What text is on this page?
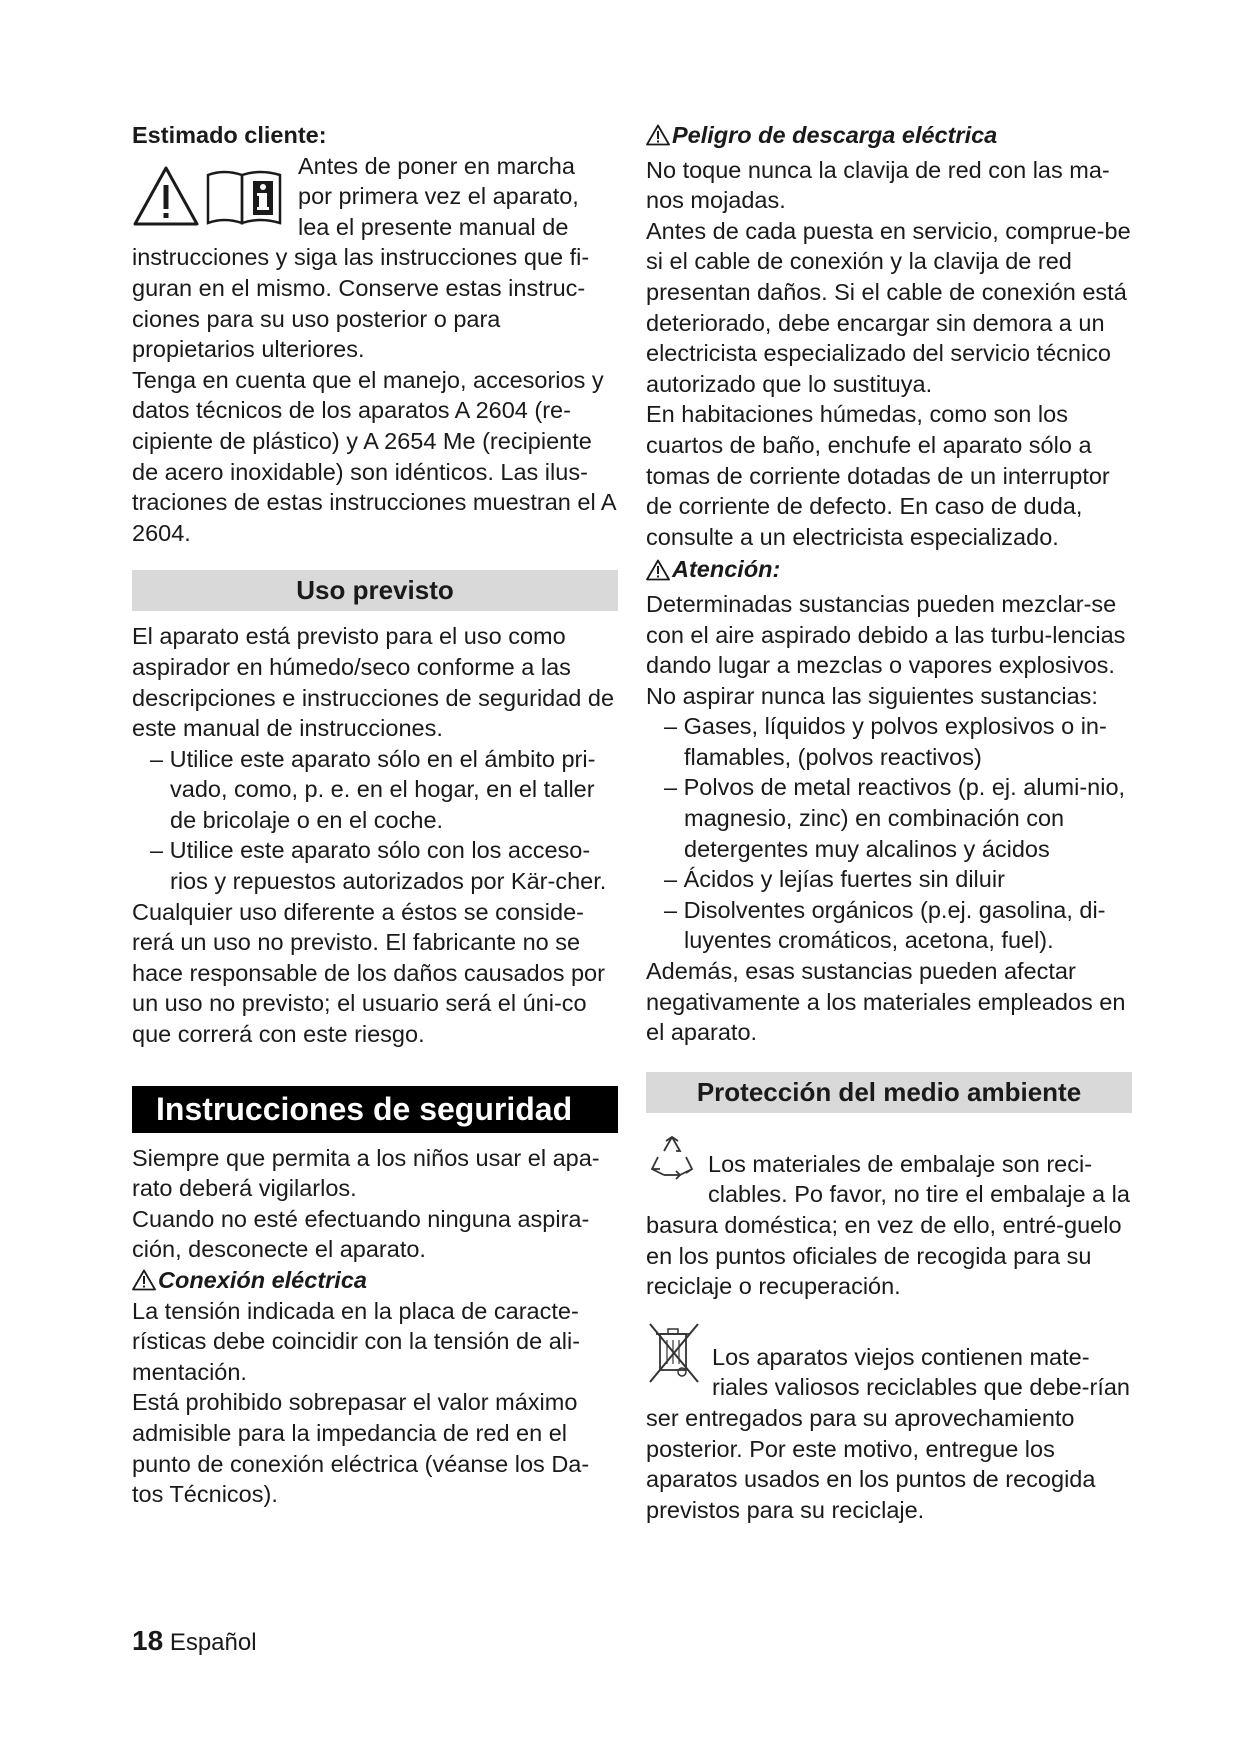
Estimado cliente:

Antes de poner en marcha

por primera vez el aparato,

lea el presente manual de

instrucciones y siga las instrucciones que fi-guran en el mismo. Conserve estas instruc-ciones para su uso posterior o para propietarios ulteriores.

Tenga en cuenta que el manejo, accesorios y datos técnicos de los aparatos A 2604 (re-cipiente de plástico) y A 2654 Me (recipiente de acero inoxidable) son idénticos. Las ilus-traciones de estas instrucciones muestran el A 2604.

Uso previsto

El aparato está previsto para el uso como aspirador en húmedo/seco conforme a las descripciones e instrucciones de seguridad de este manual de instrucciones.

– Utilice este aparato sólo en el ámbito pri-vado, como, p. e. en el hogar, en el taller de bricolaje o en el coche.

– Utilice este aparato sólo con los acceso-rios y repuestos autorizados por Kär-cher.

Cualquier uso diferente a éstos se conside-rerá un uso no previsto. El fabricante no se hace responsable de los daños causados por un uso no previsto; el usuario será el úni-co que correrá con este riesgo.

Instrucciones de seguridad

Siempre que permita a los niños usar el apa-rato deberá vigilarlos.

Cuando no esté efectuando ninguna aspira-ción, desconecte el aparato.

Conexión eléctrica

La tensión indicada en la placa de caracte-rísticas debe coincidir con la tensión de ali-mentación.

Está prohibido sobrepasar el valor máximo admisible para la impedancia de red en el punto de conexión eléctrica (véanse los Da-tos Técnicos).

Peligro de descarga eléctrica

No toque nunca la clavija de red con las ma-nos mojadas.

Antes de cada puesta en servicio, comprue-be si el cable de conexión y la clavija de red presentan daños. Si el cable de conexión está deteriorado, debe encargar sin demora a un electricista especializado del servicio técnico autorizado que lo sustituya.

En habitaciones húmedas, como son los cuartos de baño, enchufe el aparato sólo a tomas de corriente dotadas de un interruptor de corriente de defecto. En caso de duda, consulte a un electricista especializado.

Atención:

Determinadas sustancias pueden mezclar-se con el aire aspirado debido a las turbu-lencias dando lugar a mezclas o vapores explosivos.

No aspirar nunca las siguientes sustancias:

– Gases, líquidos y polvos explosivos o in-flamables, (polvos reactivos)

– Polvos de metal reactivos (p. ej. alumi-nio, magnesio, zinc) en combinación con detergentes muy alcalinos y ácidos

– Ácidos y lejías fuertes sin diluir

– Disolventes orgánicos (p.ej. gasolina, di-luyentes cromáticos, acetona, fuel).

Además, esas sustancias pueden afectar negativamente a los materiales empleados en el aparato.

Protección del medio ambiente

Los materiales de embalaje son reci-clables. Po favor, no tire el embalaje a la basura doméstica; en vez de ello, entré-guelo en los puntos oficiales de recogida para su reciclaje o recuperación.

Los aparatos viejos contienen mate-riales valiosos reciclables que debe-rían ser entregados para su aprovechamiento posterior. Por este motivo, entregue los aparatos usados en los puntos de recogida previstos para su reciclaje.

18 Español
